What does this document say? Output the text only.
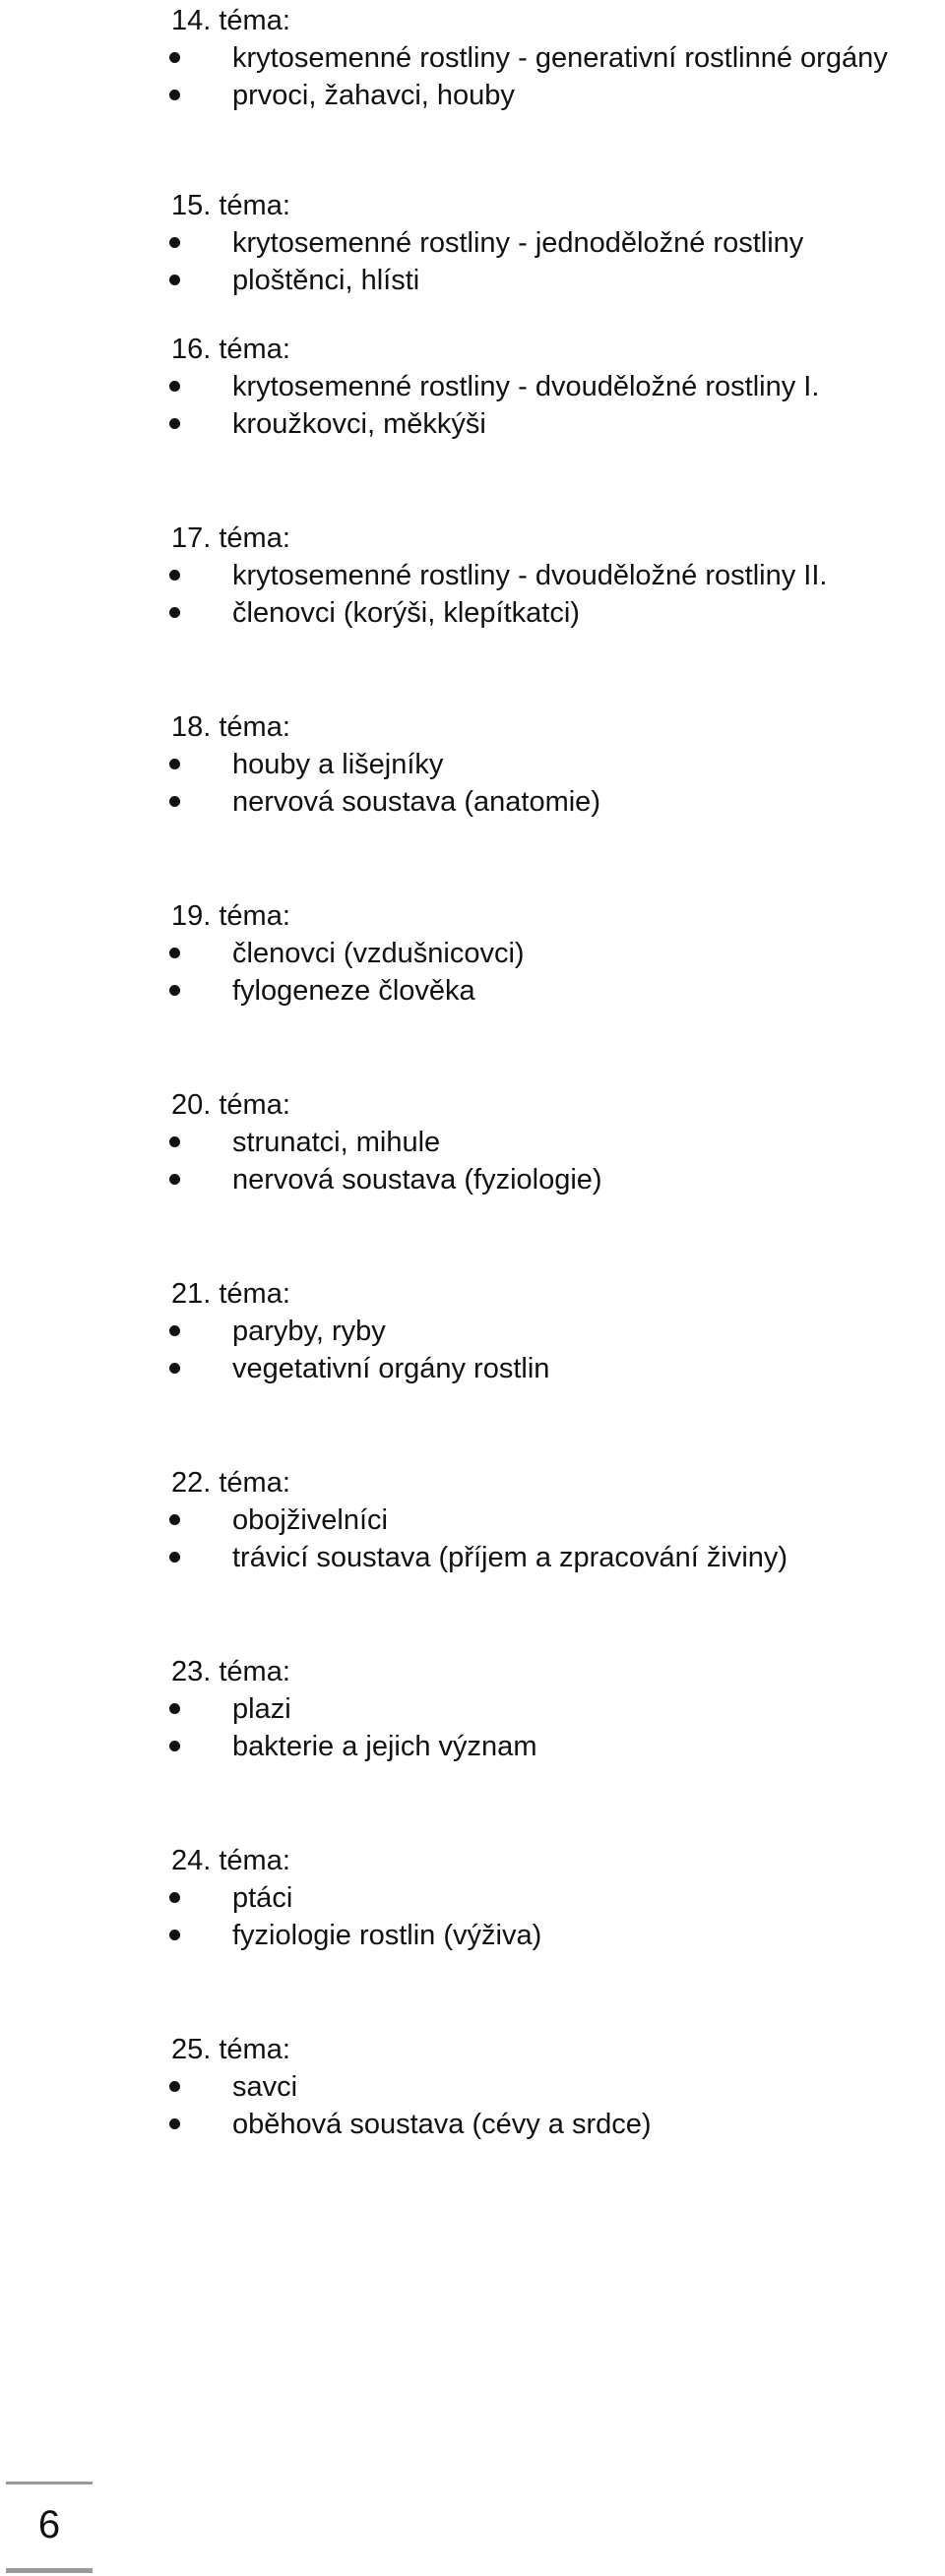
14. téma:
krytosemenné rostliny - generativní rostlinné orgány
prvoci, žahavci, houby
15. téma:
krytosemenné rostliny - jednoděložné rostliny
ploštěnci, hlísti
16. téma:
krytosemenné rostliny - dvouděložné rostliny I.
kroužkovci, měkkýši
17. téma:
krytosemenné rostliny - dvouděložné rostliny II.
členovci (korýši, klepítkatci)
18. téma:
houby a lišejníky
nervová soustava (anatomie)
19. téma:
členovci (vzdušnicovci)
fylogeneze člověka
20. téma:
strunatci, mihule
nervová soustava (fyziologie)
21. téma:
paryby, ryby
vegetativní orgány rostlin
22. téma:
obojživelníci
trávicí soustava (příjem a zpracování živiny)
23. téma:
plazi
bakterie a jejich význam
24. téma:
ptáci
fyziologie rostlin (výživa)
25. téma:
savci
oběhová soustava (cévy a srdce)
6
